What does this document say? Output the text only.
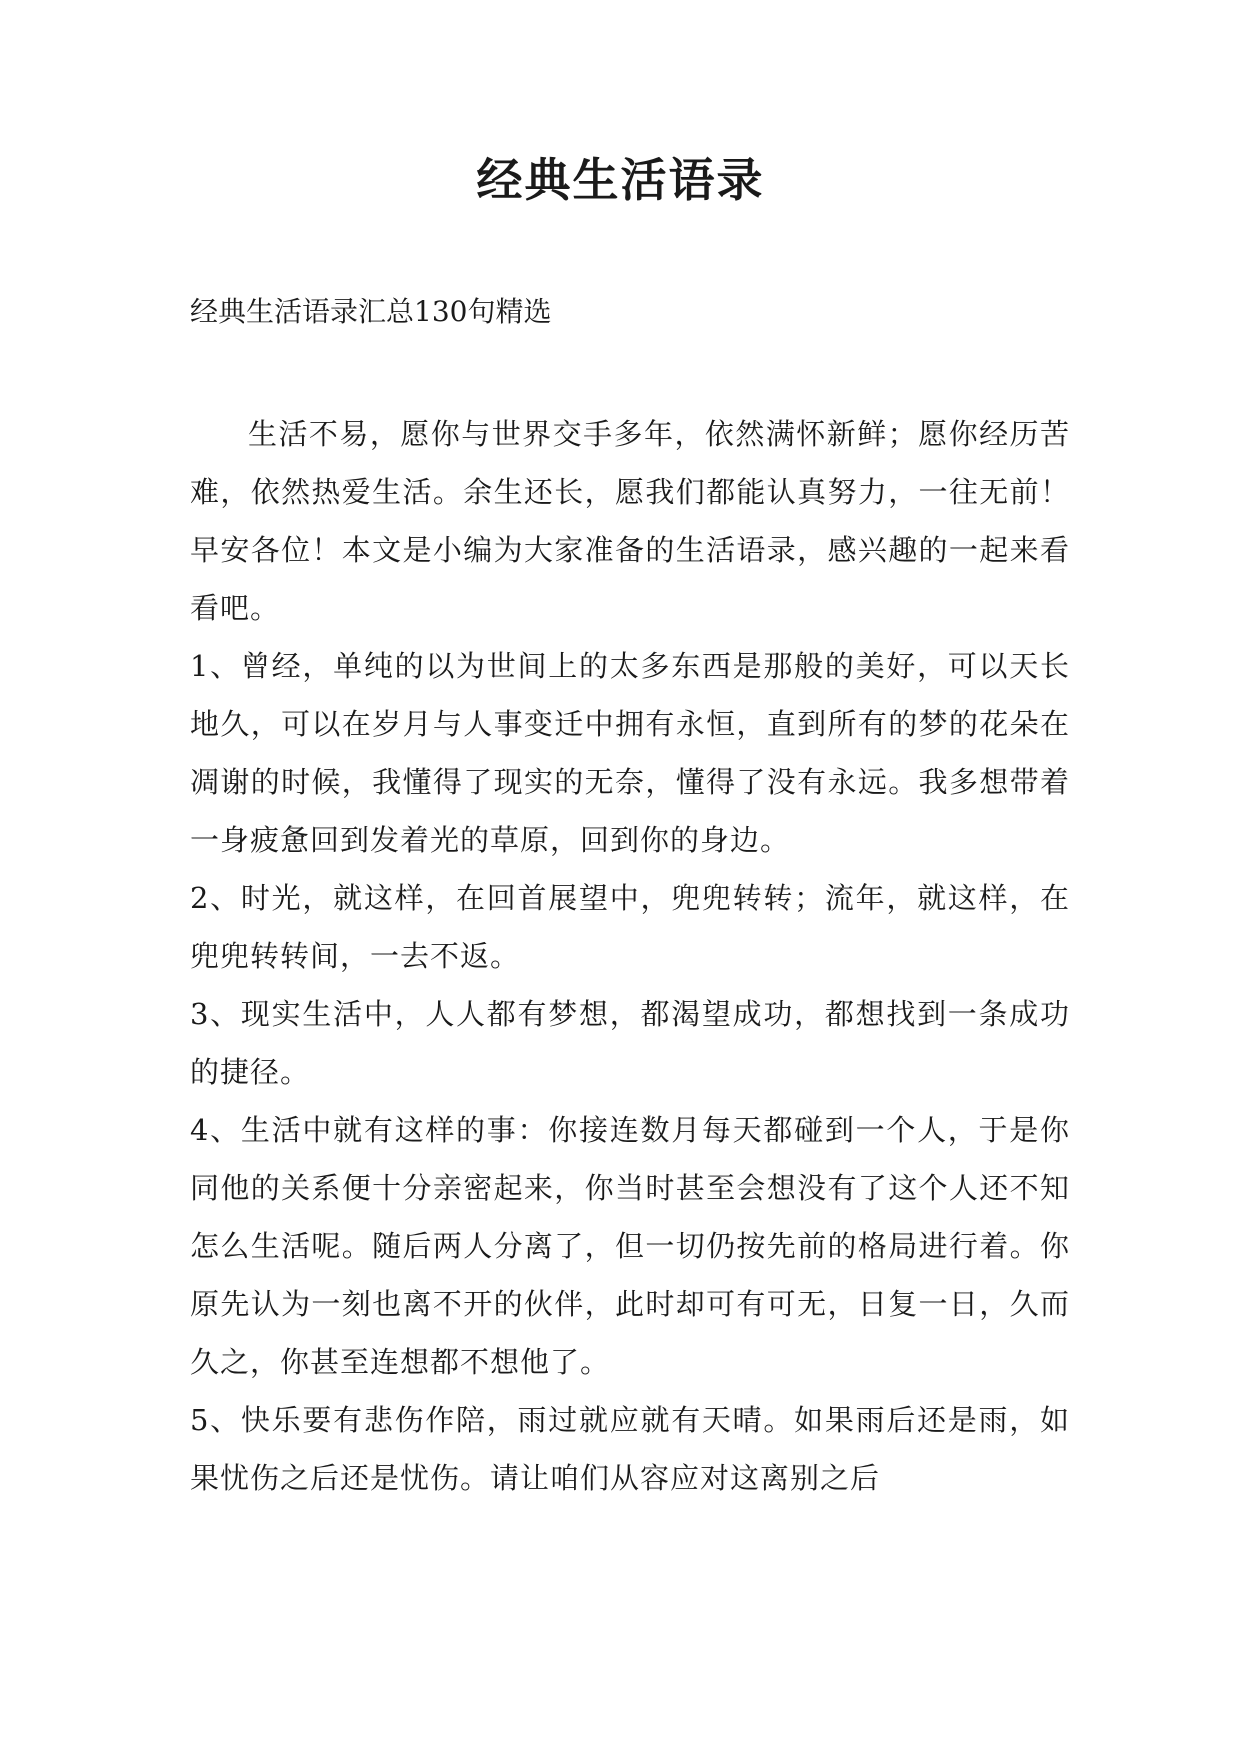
经典生活语录

经典生活语录汇总130句精选

生活不易，愿你与世界交手多年，依然满怀新鲜；愿你经历苦难，依然热爱生活。余生还长，愿我们都能认真努力，一往无前！早安各位！本文是小编为大家准备的生活语录，感兴趣的一起来看看吧。

1、曾经，单纯的以为世间上的太多东西是那般的美好，可以天长地久，可以在岁月与人事变迁中拥有永恒，直到所有的梦的花朵在凋谢的时候，我懂得了现实的无奈，懂得了没有永远。我多想带着一身疲惫回到发着光的草原，回到你的身边。

2、时光，就这样，在回首展望中，兜兜转转；流年，就这样，在兜兜转转间，一去不返。

3、现实生活中，人人都有梦想，都渴望成功，都想找到一条成功的捷径。

4、生活中就有这样的事：你接连数月每天都碰到一个人，于是你同他的关系便十分亲密起来，你当时甚至会想没有了这个人还不知怎么生活呢。随后两人分离了，但一切仍按先前的格局进行着。你原先认为一刻也离不开的伙伴，此时却可有可无，日复一日，久而久之，你甚至连想都不想他了。

5、快乐要有悲伤作陪，雨过就应就有天晴。如果雨后还是雨，如果忧伤之后还是忧伤。请让咱们从容应对这离别之后
